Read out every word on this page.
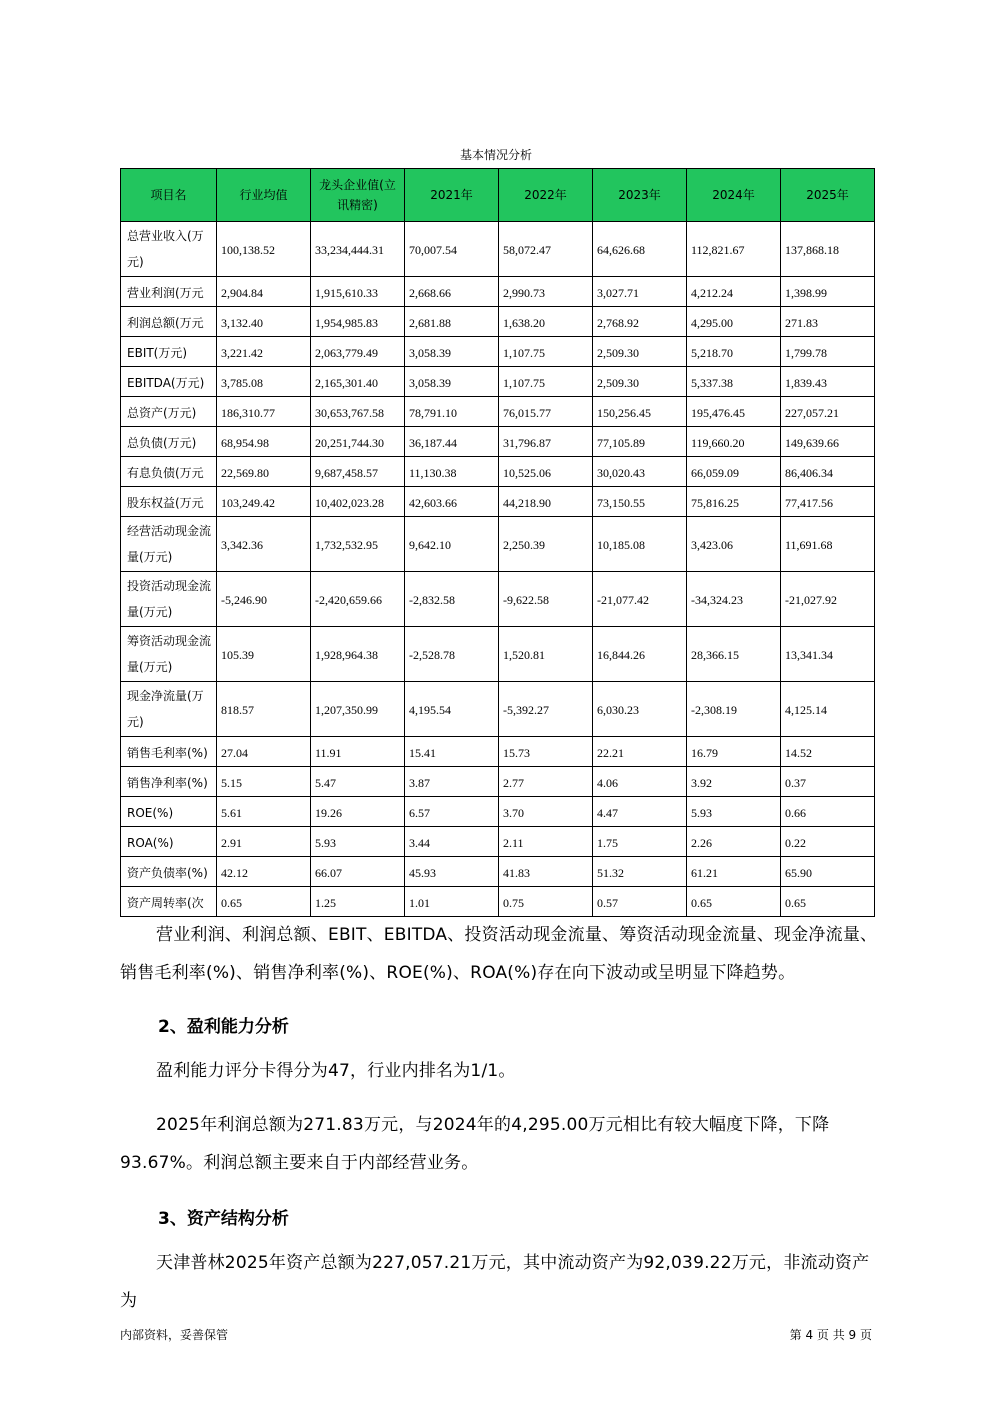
基本情况分析
项目名	行业均值	龙头企业值(立讯精密)	2021年	2022年	2023年	2024年	2025年
总营业收入(万元)	100,138.52	33,234,444.31	70,007.54	58,072.47	64,626.68	112,821.67	137,868.18
营业利润(万元	2,904.84	1,915,610.33	2,668.66	2,990.73	3,027.71	4,212.24	1,398.99
利润总额(万元	3,132.40	1,954,985.83	2,681.88	1,638.20	2,768.92	4,295.00	271.83
EBIT(万元)	3,221.42	2,063,779.49	3,058.39	1,107.75	2,509.30	5,218.70	1,799.78
EBITDA(万元)	3,785.08	2,165,301.40	3,058.39	1,107.75	2,509.30	5,337.38	1,839.43
总资产(万元)	186,310.77	30,653,767.58	78,791.10	76,015.77	150,256.45	195,476.45	227,057.21
总负债(万元)	68,954.98	20,251,744.30	36,187.44	31,796.87	77,105.89	119,660.20	149,639.66
有息负债(万元	22,569.80	9,687,458.57	11,130.38	10,525.06	30,020.43	66,059.09	86,406.34
股东权益(万元	103,249.42	10,402,023.28	42,603.66	44,218.90	73,150.55	75,816.25	77,417.56
经营活动现金流量(万元)	3,342.36	1,732,532.95	9,642.10	2,250.39	10,185.08	3,423.06	11,691.68
投资活动现金流量(万元)	-5,246.90	-2,420,659.66	-2,832.58	-9,622.58	-21,077.42	-34,324.23	-21,027.92
筹资活动现金流量(万元)	105.39	1,928,964.38	-2,528.78	1,520.81	16,844.26	28,366.15	13,341.34
现金净流量(万元)	818.57	1,207,350.99	4,195.54	-5,392.27	6,030.23	-2,308.19	4,125.14
销售毛利率(%)	27.04	11.91	15.41	15.73	22.21	16.79	14.52
销售净利率(%)	5.15	5.47	3.87	2.77	4.06	3.92	0.37
ROE(%)	5.61	19.26	6.57	3.70	4.47	5.93	0.66
ROA(%)	2.91	5.93	3.44	2.11	1.75	2.26	0.22
资产负债率(%)	42.12	66.07	45.93	41.83	51.32	61.21	65.90
资产周转率(次	0.65	1.25	1.01	0.75	0.57	0.65	0.65
营业利润、利润总额、EBIT、EBITDA、投资活动现金流量、筹资活动现金流量、现金净流量、销售毛利率(%)、销售净利率(%)、ROE(%)、ROA(%)存在向下波动或呈明显下降趋势。
2、盈利能力分析
盈利能力评分卡得分为47，行业内排名为1/1。
2025年利润总额为271.83万元，与2024年的4,295.00万元相比有较大幅度下降，下降93.67%。利润总额主要来自于内部经营业务。
3、资产结构分析
天津普林2025年资产总额为227,057.21万元，其中流动资产为92,039.22万元，非流动资产为
内部资料，妥善保管	第 4 页 共 9 页
